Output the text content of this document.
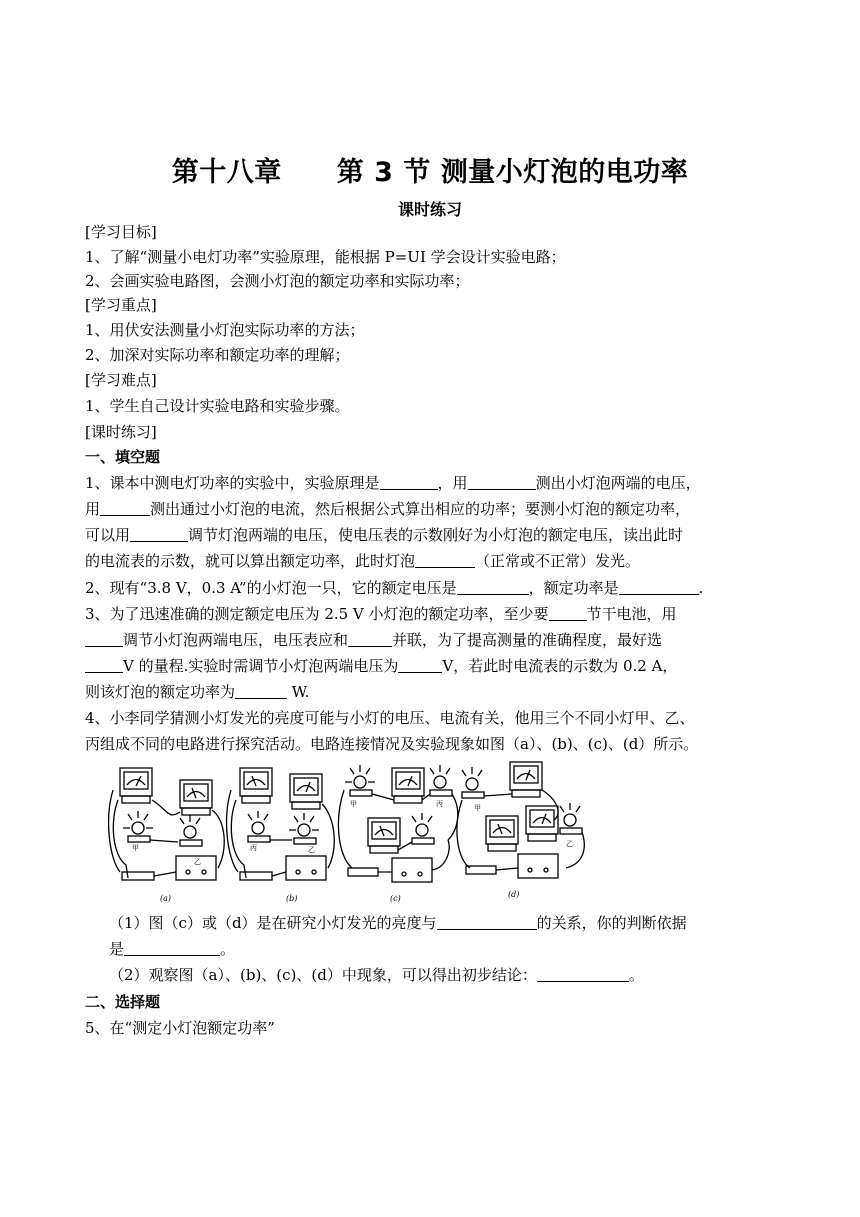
第十八章　　第 3 节 测量小灯泡的电功率
课时练习
[学习目标]
1、了解“测量小电灯功率”实验原理，能根据 P=UI 学会设计实验电路；
2、会画实验电路图，会测小灯泡的额定功率和实际功率；
[学习重点]
1、用伏安法测量小灯泡实际功率的方法；
2、加深对实际功率和额定功率的理解；
[学习难点]
1、学生自己设计实验电路和实验步骤。
[课时练习]
一、填空题
1、课本中测电灯功率的实验中，实验原理是	，用	测出小灯泡两端的电压，
用	测出通过小灯泡的电流，然后根据公式算出相应的功率；要测小灯泡的额定功率，
可以用	调节灯泡两端的电压，使电压表的示数刚好为小灯泡的额定电压，读出此时
的电流表的示数，就可以算出额定功率，此时灯泡	（正常或不正常）发光。
2、现有“3.8 V，0.3 A”的小灯泡一只，它的额定电压是	，额定功率是	.
3、为了迅速准确的测定额定电压为 2.5 V 小灯泡的额定功率，至少要	节干电池，用
调节小灯泡两端电压，电压表应和	并联，为了提高测量的准确程度，最好选
V 的量程.实验时需调节小灯泡两端电压为	V，若此时电流表的示数为 0.2 A，
则该灯泡的额定功率为	W.
4、小李同学猜测小灯发光的亮度可能与小灯的电压、电流有关，他用三个不同小灯甲、乙、
丙组成不同的电路进行探究活动。电路连接情况及实验现象如图（a）、(b)、(c)、(d）所示。
甲
乙
丙	乙
甲	丙	甲
乙
(a)	(b)	(c)	(d)
（1）图（c）或（d）是在研究小灯发光的亮度与	的关系，你的判断依据
是	。
（2）观察图（a）、(b)、(c)、(d）中现象，可以得出初步结论：	。
二、选择题
5、在“测定小灯泡额定功率”
